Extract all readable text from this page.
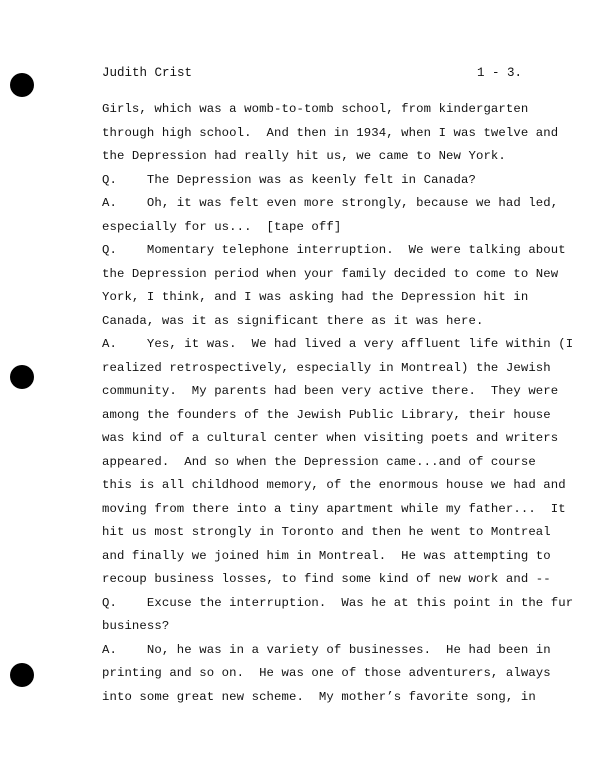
Judith Crist	1 - 3.
Girls, which was a womb-to-tomb school, from kindergarten
through high school.  And then in 1934, when I was twelve and
the Depression had really hit us, we came to New York.
Q.    The Depression was as keenly felt in Canada?
A.    Oh, it was felt even more strongly, because we had led,
especially for us...  [tape off]
Q.    Momentary telephone interruption.  We were talking about
the Depression period when your family decided to come to New
York, I think, and I was asking had the Depression hit in
Canada, was it as significant there as it was here.
A.    Yes, it was.  We had lived a very affluent life within (I
realized retrospectively, especially in Montreal) the Jewish
community.  My parents had been very active there.  They were
among the founders of the Jewish Public Library, their house
was kind of a cultural center when visiting poets and writers
appeared.  And so when the Depression came...and of course
this is all childhood memory, of the enormous house we had and
moving from there into a tiny apartment while my father...  It
hit us most strongly in Toronto and then he went to Montreal
and finally we joined him in Montreal.  He was attempting to
recoup business losses, to find some kind of new work and --
Q.    Excuse the interruption.  Was he at this point in the fur
business?
A.    No, he was in a variety of businesses.  He had been in
printing and so on.  He was one of those adventurers, always
into some great new scheme.  My mother’s favorite song, in
